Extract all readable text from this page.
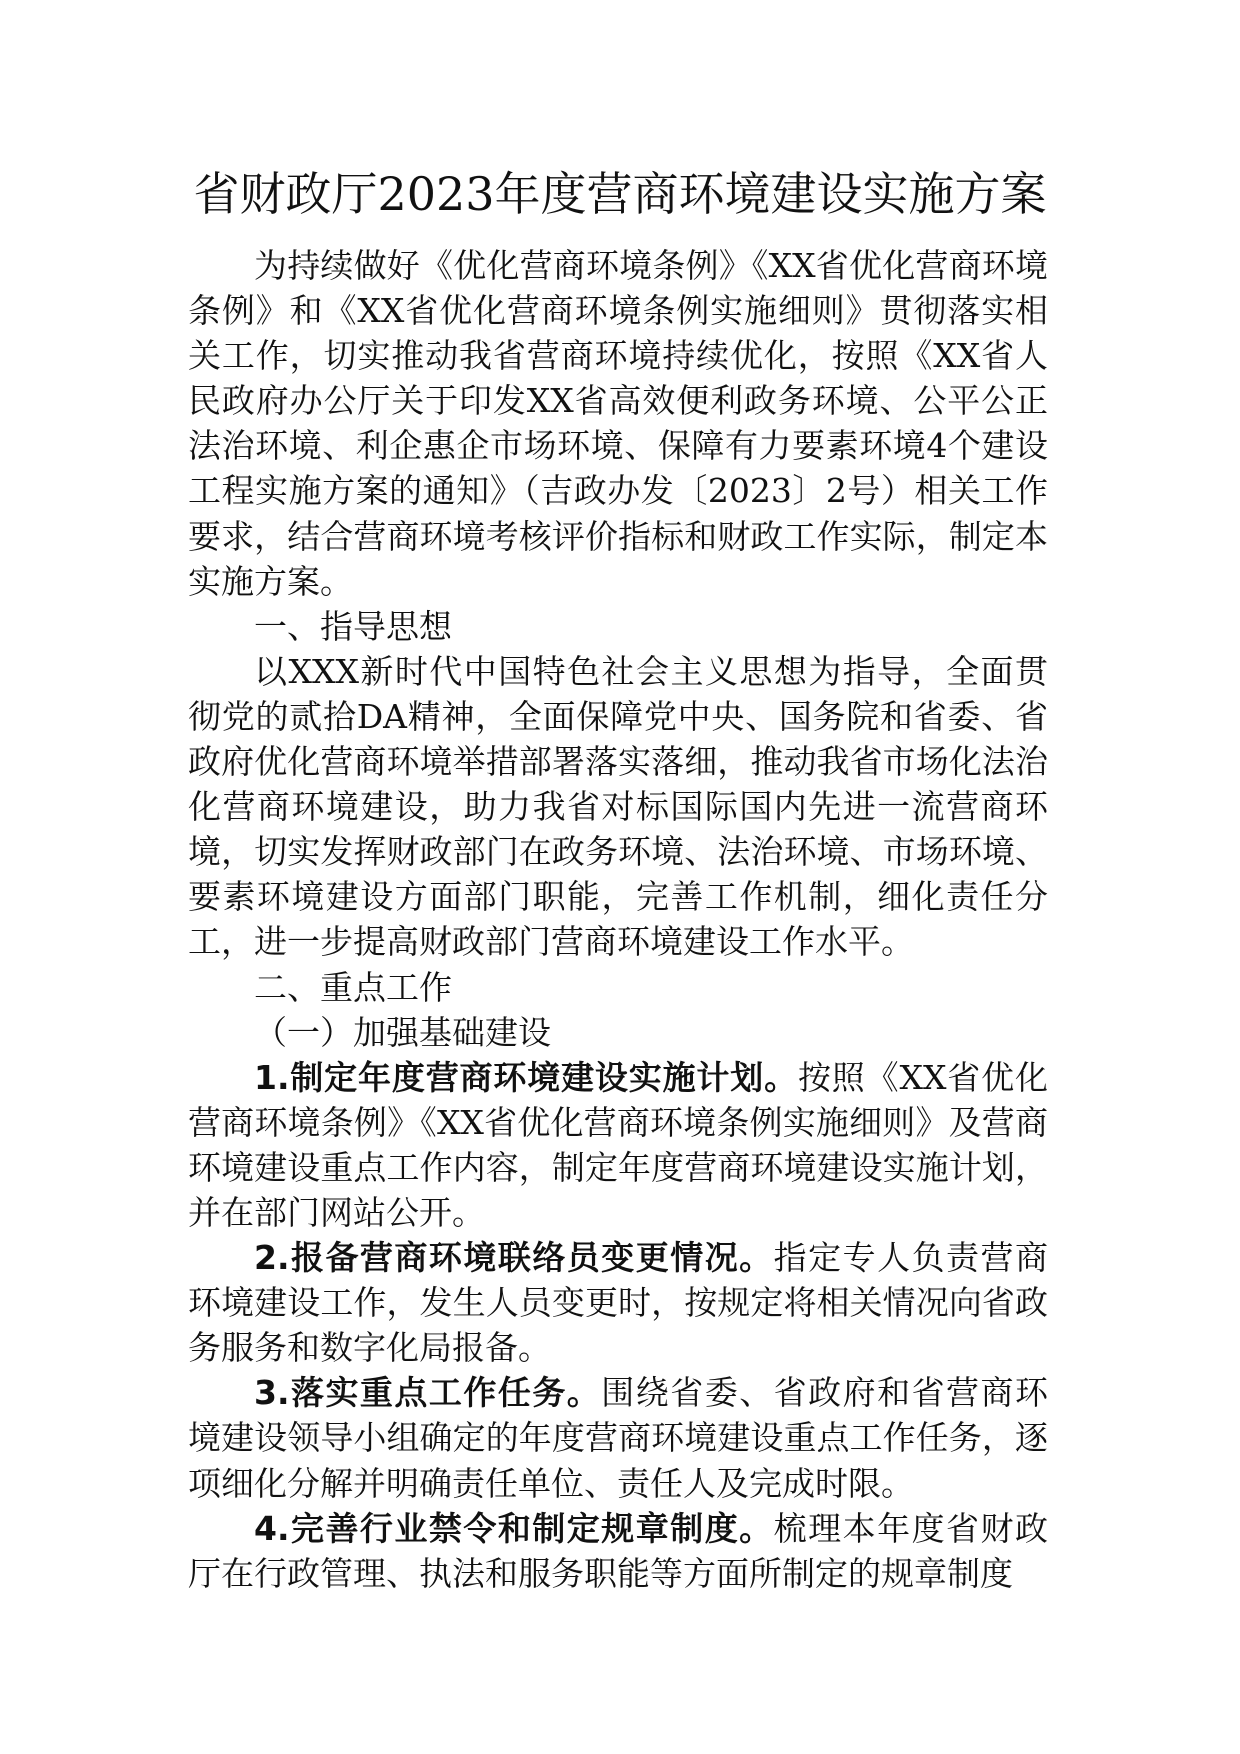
省财政厅2023年度营商环境建设实施方案

为持续做好《优化营商环境条例》《XX省优化营商环境条例》和《XX省优化营商环境条例实施细则》贯彻落实相关工作，切实推动我省营商环境持续优化，按照《XX省人民政府办公厅关于印发XX省高效便利政务环境、公平公正法治环境、利企惠企市场环境、保障有力要素环境4个建设工程实施方案的通知》（吉政办发〔2023〕2号）相关工作要求，结合营商环境考核评价指标和财政工作实际，制定本实施方案。

一、指导思想

以XXX新时代中国特色社会主义思想为指导，全面贯彻党的贰拾DA精神，全面保障党中央、国务院和省委、省政府优化营商环境举措部署落实落细，推动我省市场化法治化营商环境建设，助力我省对标国际国内先进一流营商环境，切实发挥财政部门在政务环境、法治环境、市场环境、要素环境建设方面部门职能，完善工作机制，细化责任分工，进一步提高财政部门营商环境建设工作水平。

二、重点工作

（一）加强基础建设

1.制定年度营商环境建设实施计划。按照《XX省优化营商环境条例》《XX省优化营商环境条例实施细则》及营商环境建设重点工作内容，制定年度营商环境建设实施计划，并在部门网站公开。

2.报备营商环境联络员变更情况。指定专人负责营商环境建设工作，发生人员变更时，按规定将相关情况向省政务服务和数字化局报备。

3.落实重点工作任务。围绕省委、省政府和省营商环境建设领导小组确定的年度营商环境建设重点工作任务，逐项细化分解并明确责任单位、责任人及完成时限。

4.完善行业禁令和制定规章制度。梳理本年度省财政厅在行政管理、执法和服务职能等方面所制定的规章制度
